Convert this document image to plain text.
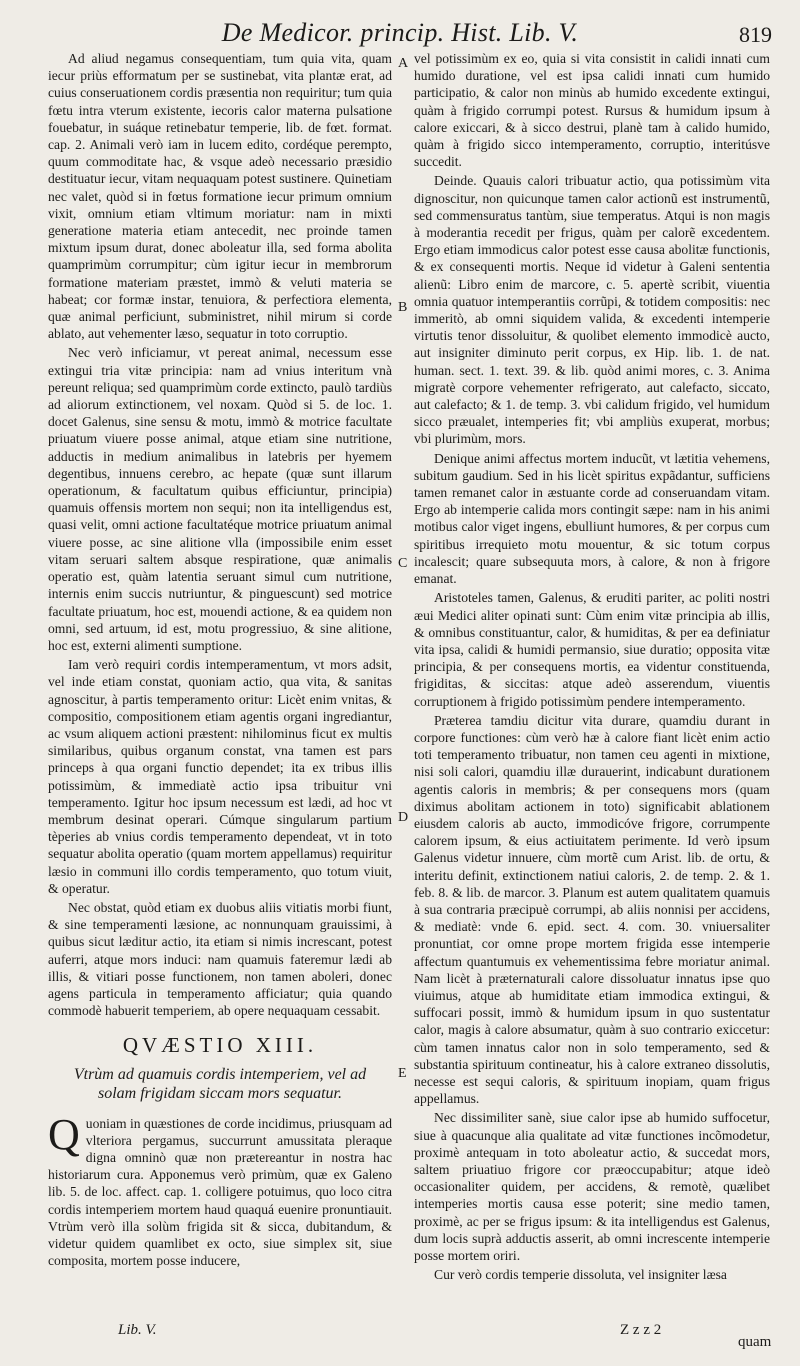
De Medicor. princip. Hist. Lib. V.	819

Ad aliud negamus consequentiam, tum quia vita, quam iecur priùs efformatum per se sustinebat, vita plantæ erat, ad cuius conseruationem cordis præsentia non requiritur; tum quia fœtu intra vterum existente, iecoris calor materna pulsatione fouebatur, in suáque retinebatur temperie, lib. de fœt. format. cap. 2. Animali verò iam in lucem edito, cordéque perempto, quum commoditate hac, & vsque adeò necessario præsidio destituatur iecur, vitam nequaquam potest sustinere. Quinetiam nec valet, quòd si in fœtus formatione iecur primum omnium vixit, omnium etiam vltimum moriatur: nam in mixti generatione materia etiam antecedit, nec proinde tamen mixtum ipsum durat, donec aboleatur illa, sed forma abolita quamprimùm corrumpitur; cùm igitur iecur in membrorum formatione materiam præstet, immò & veluti materia se habeat; cor formæ instar, tenuiora, & perfectiora elementa, quæ animal perficiunt, subministret, nihil mirum si corde ablato, aut vehementer læso, sequatur in toto corruptio.

Nec verò inficiamur, vt pereat animal, necessum esse extingui tria vitæ principia: nam ad vnius interitum vnà pereunt reliqua; sed quamprimùm corde extincto, paulò tardiùs ad aliorum extinctionem, vel noxam. Quòd si 5. de loc. 1. docet Galenus, sine sensu & motu, immò & motrice facultate priuatum viuere posse animal, atque etiam sine nutritione, adductis in medium animalibus in latebris per hyemem degentibus, innuens cerebro, ac hepate (quæ sunt illarum operationum, & facultatum quibus efficiuntur, principia) quamuis offensis mortem non sequi; non ita intelligendus est, quasi velit, omni actione facultatéque motrice priuatum animal viuere posse, ac sine alitione vlla (impossibile enim esset vitam seruari saltem absque respiratione, quæ animalis operatio est, quàm latentia seruant simul cum nutritione, internis enim succis nutriuntur, & pinguescunt) sed motrice facultate priuatum, hoc est, mouendi actione, & ea quidem non omni, sed artuum, id est, motu progressiuo, & sine alitione, hoc est, externi alimenti sumptione.

Iam verò requiri cordis intemperamentum, vt mors adsit, vel inde etiam constat, quoniam actio, qua vita, & sanitas agnoscitur, à partis temperamento oritur: Licèt enim vnitas, & compositio, compositionem etiam agentis organi ingrediantur, ac vsum aliquem actioni præstent: nihilominus ficut ex multis similaribus, quibus organum constat, vna tamen est pars princeps à qua organi functio dependet; ita ex tribus illis potissimùm, & immediatè actio ipsa tribuitur vni temperamento. Igitur hoc ipsum necessum est lædi, ad hoc vt membrum desinat operari. Cúmque singularum partium tèperies ab vnius cordis temperamento dependeat, vt in toto sequatur abolita operatio (quam mortem appellamus) requiritur læsio in communi illo cordis temperamento, quo totum viuit, & operatur.

Nec obstat, quòd etiam ex duobus aliis vitiatis morbi fiunt, & sine temperamenti læsione, ac nonnunquam grauissimi, à quibus sicut læditur actio, ita etiam si nimis increscant, potest auferri, atque mors induci: nam quamuis fateremur lædi ab illis, & vitiari posse functionem, non tamen aboleri, donec agens particula in temperamento afficiatur; quia quando commodè habuerit temperiem, ab opere nequaquam cessabit.

QVÆSTIO XIII.
Vtrùm ad quamuis cordis intemperiem, vel ad solam frigidam siccam mors sequatur.

Quoniam in quæstiones de corde incidimus, priusquam ad vlteriora pergamus, succurrunt amussitata pleraque digna omninò quæ non prætereantur in nostra hac historiarum cura. Apponemus verò primùm, quæ ex Galeno lib. 5. de loc. affect. cap. 1. colligere potuimus, quo loco citra cordis intemperiem mortem haud quaquá euenire pronuntiauit. Vtrùm verò illa solùm frigida sit & sicca, dubitandum, & videtur quidem quamlibet ex octo, siue simplex sit, siue composita, mortem posse inducere,

A
B
C
D
E

vel potissimùm ex eo, quia si vita consistit in calidi innati cum humido duratione, vel est ipsa calidi innati cum humido participatio, & calor non minùs ab humido excedente extingui, quàm à frigido corrumpi potest. Rursus & humidum ipsum à calore exiccari, & à sicco destrui, planè tam à calido humido, quàm à frigido sicco intemperamento, corruptio, interitúsve succedit.

Deinde. Quauis calori tribuatur actio, qua potissimùm vita dignoscitur, non quicunque tamen calor actionũ est instrumentũ, sed commensuratus tantùm, siue temperatus. Atqui is non magis à moderantia recedit per frigus, quàm per calorẽ excedentem. Ergo etiam immodicus calor potest esse causa abolitæ functionis, & ex consequenti mortis. Neque id videtur à Galeni sententia alienũ: Libro enim de marcore, c. 5. apertè scribit, viuentia omnia quatuor intemperantiis corrũpi, & totidem compositis: nec immeritò, ab omni siquidem valida, & excedenti intemperie virtutis tenor dissoluitur, & quolibet elemento immodicè aucto, aut insigniter diminuto perit corpus, ex Hip. lib. 1. de nat. human. sect. 1. text. 39. & lib. quòd animi mores, c. 3. Anima migratè corpore vehementer refrigerato, aut calefacto, siccato, aut calefacto; & 1. de temp. 3. vbi calidum frigido, vel humidum sicco præualet, intemperies fit; vbi ampliùs exuperat, morbus; vbi plurimùm, mors.

Denique animi affectus mortem inducũt, vt lætitia vehemens, subitum gaudium. Sed in his licèt spiritus expãdantur, sufficiens tamen remanet calor in æstuante corde ad conseruandam vitam. Ergo ab intemperie calida mors contingit sæpe: nam in his animi motibus calor viget ingens, ebulliunt humores, & per corpus cum spiritibus irrequieto motu mouentur, & sic totum corpus incalescit; quare subsequuta mors, à calore, & non à frigore emanat.

Aristoteles tamen, Galenus, & eruditi pariter, ac politi nostri æui Medici aliter opinati sunt: Cùm enim vitæ principia ab illis, & omnibus constituantur, calor, & humiditas, & per ea definiatur vita ipsa, calidi & humidi permansio, siue duratio; opposita vitæ principia, & per consequens mortis, ea videntur constituenda, frigiditas, & siccitas: atque adeò asserendum, viuentis corruptionem à frigido potissimùm pendere intemperamento.

Præterea tamdiu dicitur vita durare, quamdiu durant in corpore functiones: cùm verò hæ à calore fiant licèt enim actio toti temperamento tribuatur, non tamen ceu agenti in mixtione, nisi soli calori, quamdiu illæ durauerint, indicabunt durationem agentis caloris in membris; & per consequens mors (quam diximus abolitam actionem in toto) significabit ablationem eiusdem caloris ab aucto, immodicóve frigore, corrumpente calorem ipsum, & eius actiuitatem perimente. Id verò ipsum Galenus videtur innuere, cùm mortẽ cum Arist. lib. de ortu, & interitu definit, extinctionem natiui caloris, 2. de temp. 2. & 1. feb. 8. & lib. de marcor. 3. Planum est autem qualitatem quamuis à sua contraria præcipuè corrumpi, ab aliis nonnisi per accidens, & mediatè: vnde 6. epid. sect. 4. com. 30. vniuersaliter pronuntiat, cor omne prope mortem frigida esse intemperie affectum quantumuis ex vehementissima febre moriatur animal. Nam licèt à præternaturali calore dissoluatur innatus ipse quo viuimus, atque ab humiditate etiam immodica extingui, & suffocari possit, immò & humidum ipsum in quo sustentatur calor, magis à calore absumatur, quàm à suo contrario exiccetur: cùm tamen innatus calor non in solo temperamento, sed & substantia spirituum contineatur, his à calore extraneo dissolutis, necesse est sequi caloris, & spirituum inopiam, quam frigus appellamus.

Nec dissimiliter sanè, siue calor ipse ab humido suffocetur, siue à quacunque alia qualitate ad vitæ functiones incõmodetur, proximè antequam in toto aboleatur actio, & succedat mors, saltem priuatiuo frigore cor præoccupabitur; atque ideò occasionaliter quidem, per accidens, & remotè, quælibet intemperies mortis causa esse poterit; sine medio tamen, proximè, ac per se frigus ipsum: & ita intelligendus est Galenus, dum locis suprà adductis asserit, ab omni increscente intemperie posse mortem oriri.

Cur verò cordis temperie dissoluta, vel insigniter læsa

Lib. V.	Z z z 2
quam
